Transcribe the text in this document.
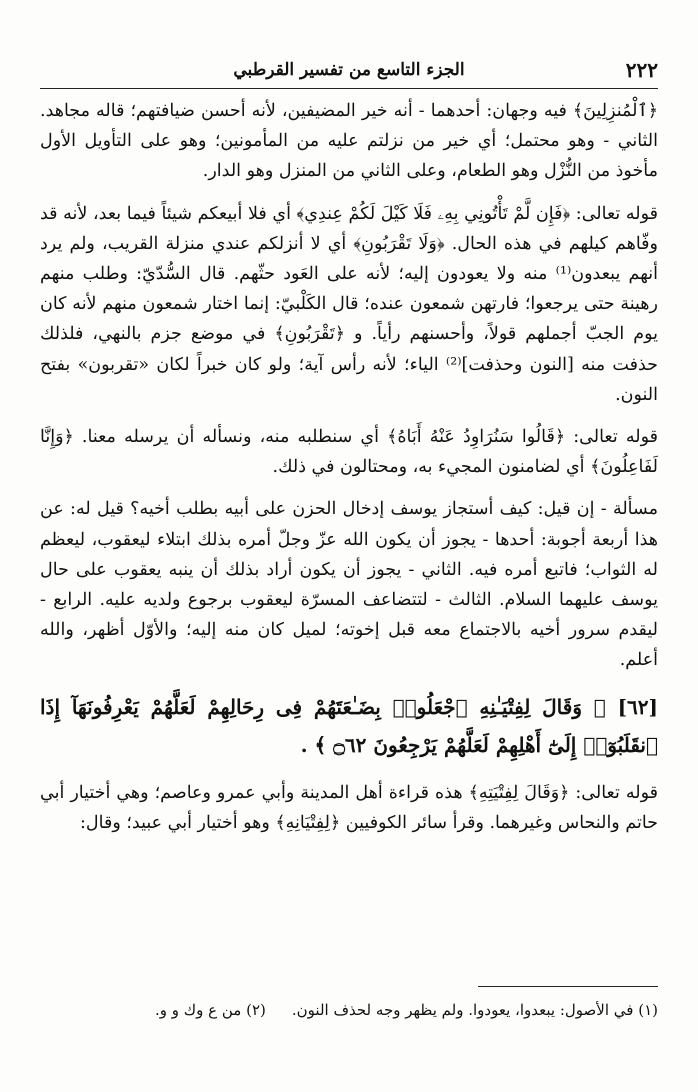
٢٢٢
الجزء التاسع من تفسير القرطبي

﴿ٱلْمُنزِلِينَ﴾ فيه وجهان: أحدهما - أنه خير المضيفين، لأنه أحسن ضيافتهم؛ قاله مجاهد. الثاني - وهو محتمل؛ أي خير من نزلتم عليه من المأمونين؛ وهو على التأويل الأول مأخوذ من النُّزْل وهو الطعام، وعلى الثاني من المنزل وهو الدار.

قوله تعالى: ﴿فَإِن لَّمْ تَأْتُونِي بِهِۦ فَلَا كَيْلَ لَكُمْ عِندِي﴾ أي فلا أبيعكم شيئاً فيما بعد، لأنه قد وفّاهم كيلهم في هذه الحال. ﴿وَلَا تَقْرَبُونِ﴾ أي لا أنزلكم عندي منزلة القريب، ولم يرد أنهم يبعدون⁽¹⁾ منه ولا يعودون إليه؛ لأنه على العَود حثّهم. قال السُّدّيّ: وطلب منهم رهينة حتى يرجعوا؛ فارتهن شمعون عنده؛ قال الكَلْبيّ: إنما اختار شمعون منهم لأنه كان يوم الجبّ أجملهم قولاً، وأحسنهم رأياً. و ﴿تَقْرَبُونِ﴾ في موضع جزم بالنهي، فلذلك حذفت منه [النون وحذفت]⁽²⁾ الياء؛ لأنه رأس آية؛ ولو كان خبراً لكان «تقربون» بفتح النون.

قوله تعالى: ﴿قَالُوا سَنُرَاوِدُ عَنْهُ أَبَاهُ﴾ أي سنطلبه منه، ونسأله أن يرسله معنا. ﴿وَإِنَّا لَفَاعِلُونَ﴾ أي لضامنون المجيء به، ومحتالون في ذلك.

مسألة - إن قيل: كيف أستجاز يوسف إدخال الحزن على أبيه بطلب أخيه؟ قيل له: عن هذا أربعة أجوبة: أحدها - يجوز أن يكون الله عزّ وجلّ أمره بذلك ابتلاء ليعقوب، ليعظم له الثواب؛ فاتبع أمره فيه. الثاني - يجوز أن يكون أراد بذلك أن ينبه يعقوب على حال يوسف عليهما السلام. الثالث - لتتضاعف المسرّة ليعقوب برجوع ولديه عليه. الرابع - ليقدم سرور أخيه بالاجتماع معه قبل إخوته؛ لميل كان منه إليه؛ والأوّل أظهر، والله أعلم.

[٦٢] ﴿ وَقَالَ لِفِتْيَـٰنِهِ ٱجْعَلُوا۟ بِضَـٰعَتَهُمْ فِى رِحَالِهِمْ لَعَلَّهُمْ يَعْرِفُونَهَآ إِذَا ٱنقَلَبُوٓا۟ إِلَىٰٓ أَهْلِهِمْ لَعَلَّهُمْ يَرْجِعُونَ ۝٦٢ ﴾ .

قوله تعالى: ﴿وَقَالَ لِفِتْيَتِهِ﴾ هذه قراءة أهل المدينة وأبي عمرو وعاصم؛ وهي أختيار أبي حاتم والنحاس وغيرهما. وقرأ سائر الكوفيين ﴿لِفِتْيَانِهِ﴾ وهو أختيار أبي عبيد؛ وقال:

(١) في الأصول: يبعدوا، يعودوا. ولم يظهر وجه لحذف النون.
(٢) من ع وك و و.
